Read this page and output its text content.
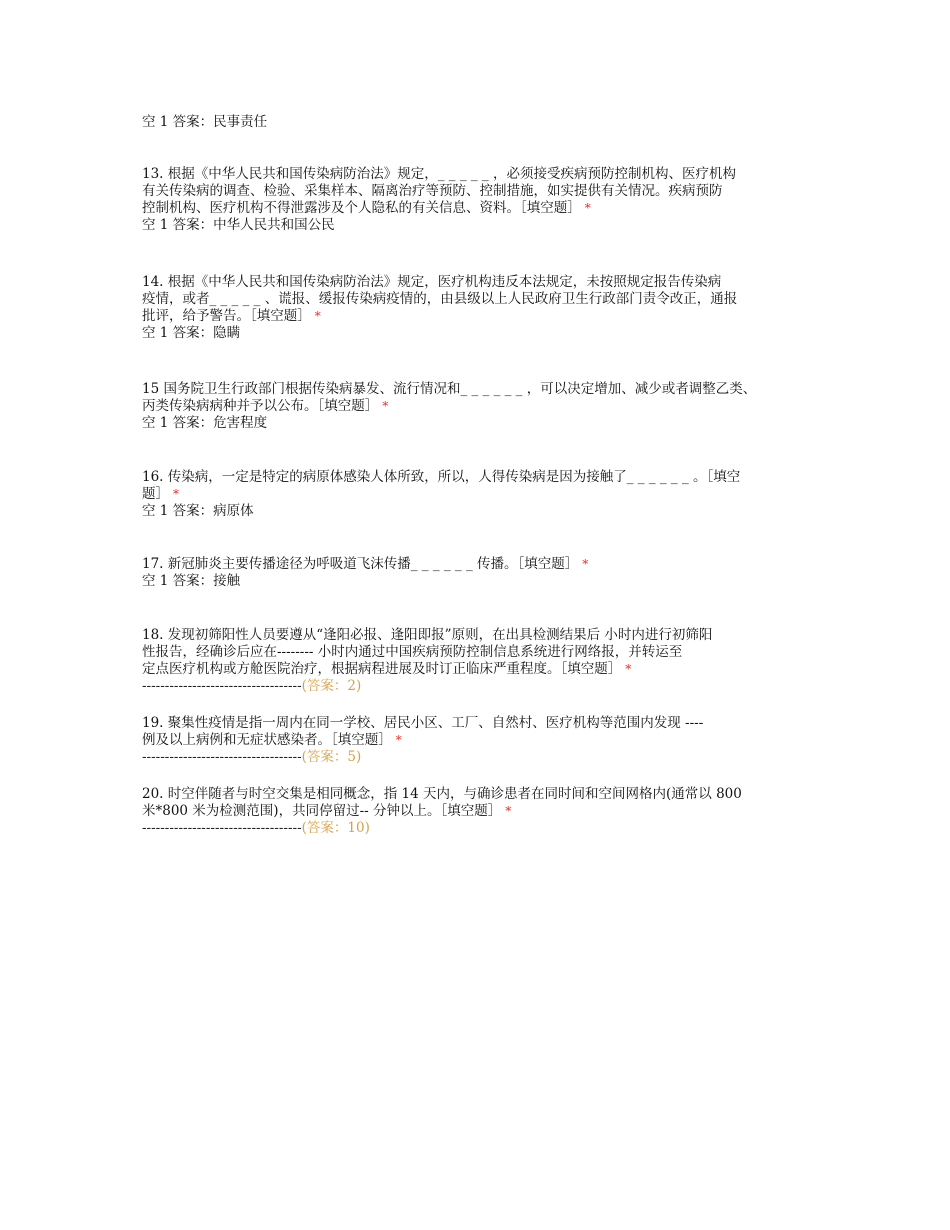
空 1 答案：民事责任
13. 根据《中华人民共和国传染病防治法》规定，_ _ _ _ _ ，必须接受疾病预防控制机构、医疗机构
有关传染病的调查、检验、采集样本、隔离治疗等预防、控制措施，如实提供有关情况。疾病预防
控制机构、医疗机构不得泄露涉及个人隐私的有关信息、资料。［填空题］ *
空 1 答案：中华人民共和国公民
14. 根据《中华人民共和国传染病防治法》规定，医疗机构违反本法规定，未按照规定报告传染病
疫情，或者_ _ _ _ _ 、谎报、缓报传染病疫情的，由县级以上人民政府卫生行政部门责令改正，通报
批评，给予警告。［填空题］ *
空 1 答案：隐瞒
15 国务院卫生行政部门根据传染病暴发、流行情况和_ _ _ _ _ _ ，可以决定增加、减少或者调整乙类、
丙类传染病病种并予以公布。［填空题］ *
空 1 答案：危害程度
16. 传染病，一定是特定的病原体感染人体所致，所以，人得传染病是因为接触了_ _ _ _ _ _ 。［填空
题］ *
空 1 答案：病原体
17. 新冠肺炎主要传播途径为呼吸道飞沫传播_ _ _ _ _ _ 传播。［填空题］ *
空 1 答案：接触
18. 发现初筛阳性人员要遵从“逢阳必报、逢阳即报”原则，在出具检测结果后 小时内进行初筛阳
性报告，经确诊后应在-------- 小时内通过中国疾病预防控制信息系统进行网络报，并转运至
定点医疗机构或方舱医院治疗，根据病程进展及时订正临床严重程度。［填空题］ *
-----------------------------------(答案：2)
19. 聚集性疫情是指一周内在同一学校、居民小区、工厂、自然村、医疗机构等范围内发现 ----
例及以上病例和无症状感染者。［填空题］ *
-----------------------------------(答案：5)
20. 时空伴随者与时空交集是相同概念，指 14 天内，与确诊患者在同时间和空间网格内(通常以 800
米*800 米为检测范围)，共同停留过-- 分钟以上。［填空题］ *
-----------------------------------(答案：10)
